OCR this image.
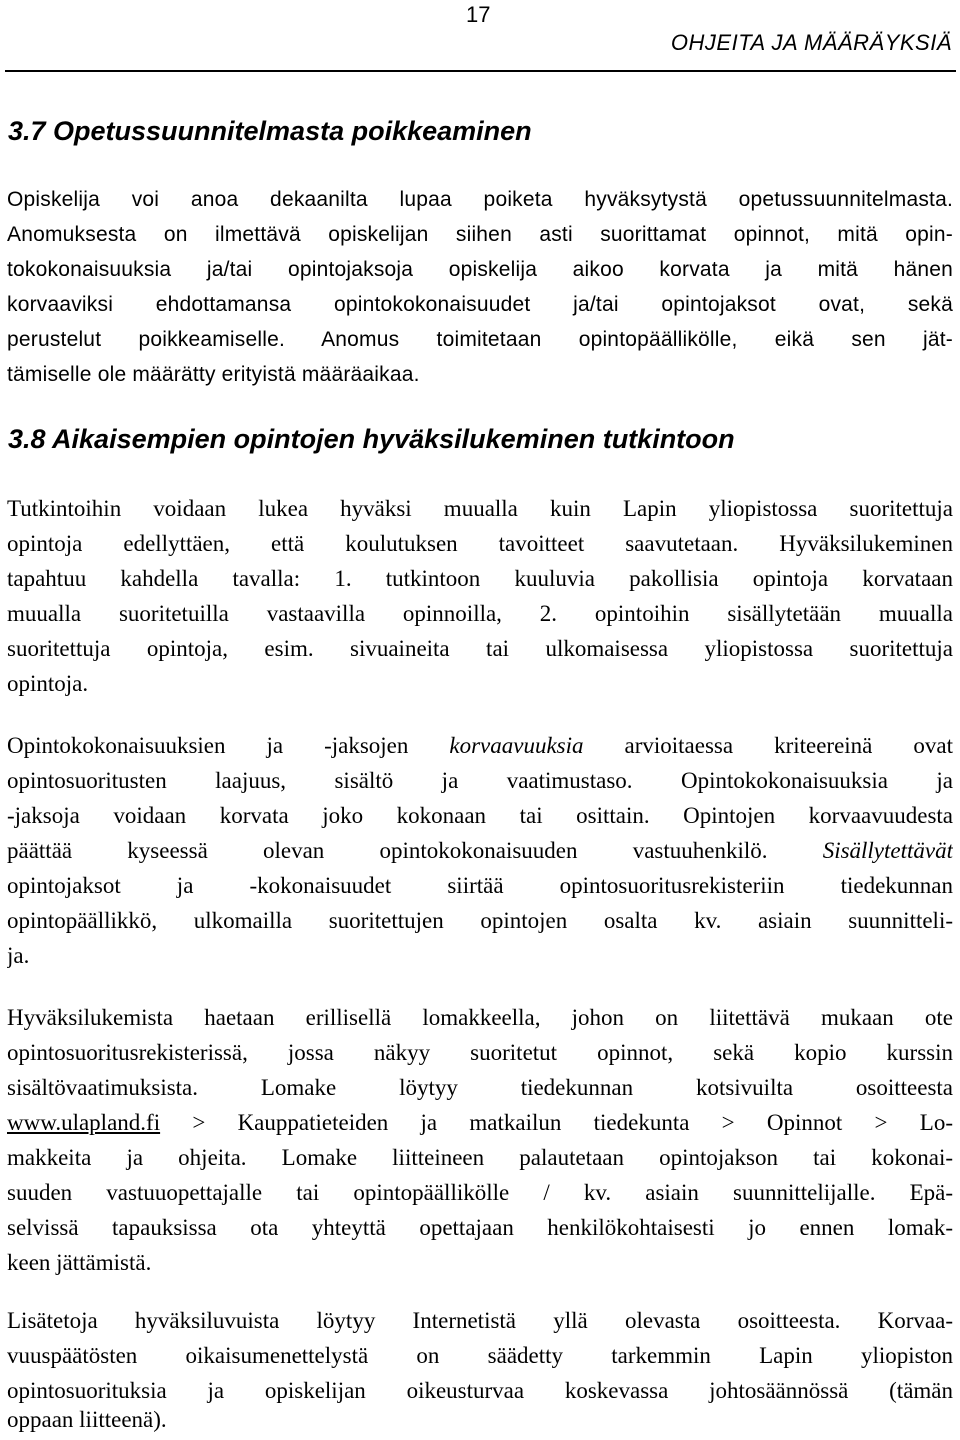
17
OHJEITA JA MÄÄRÄYKSIÄ
3.7 Opetussuunnitelmasta poikkeaminen
Opiskelija voi anoa dekaanilta lupaa poiketa hyväksytystä opetussuunnitelmasta.
Anomuksesta on ilmettävä opiskelijan siihen asti suorittamat opinnot, mitä opin-
tokokonaisuuksia ja/tai opintojaksoja opiskelija aikoo korvata ja mitä hänen
korvaaviksi ehdottamansa opintokokonaisuudet ja/tai opintojaksot ovat, sekä
perustelut poikkeamiselle. Anomus toimitetaan opintopäällikölle, eikä sen jät-
tämiselle ole määrätty erityistä määräaikaa.
3.8 Aikaisempien opintojen hyväksilukeminen tutkintoon
Tutkintoihin voidaan lukea hyväksi muualla kuin Lapin yliopistossa suoritettuja
opintoja edellyttäen, että koulutuksen tavoitteet saavutetaan. Hyväksilukeminen
tapahtuu kahdella tavalla: 1. tutkintoon kuuluvia pakollisia opintoja korvataan
muualla suoritetuilla vastaavilla opinnoilla, 2. opintoihin sisällytetään muualla
suoritettuja opintoja, esim. sivuaineita tai ulkomaisessa yliopistossa suoritettuja
opintoja.
Opintokokonaisuuksien ja -jaksojen korvaavuuksia arvioitaessa kriteereinä ovat
opintosuoritusten laajuus, sisältö ja vaatimustaso. Opintokokonaisuuksia ja
-jaksoja voidaan korvata joko kokonaan tai osittain. Opintojen korvaavuudesta
päättää kyseessä olevan opintokokonaisuuden vastuuhenkilö. Sisällytettävät
opintojaksot ja -kokonaisuudet siirtää opintosuoritusrekisteriin tiedekunnan
opintopäällikkö, ulkomailla suoritettujen opintojen osalta kv. asiain suunnitteli-
ja.
Hyväksilukemista haetaan erillisellä lomakkeella, johon on liitettävä mukaan ote
opintosuoritusrekisterissä, jossa näkyy suoritetut opinnot, sekä kopio kurssin
sisältövaatimuksista. Lomake löytyy tiedekunnan kotsivuilta osoitteesta
www.ulapland.fi > Kauppatieteiden ja matkailun tiedekunta > Opinnot > Lo-
makkeita ja ohjeita. Lomake liitteineen palautetaan opintojakson tai kokonai-
suuden vastuuopettajalle tai opintopäällikölle / kv. asiain suunnittelijalle. Epä-
selvissä tapauksissa ota yhteyttä opettajaan henkilökohtaisesti jo ennen lomak-
keen jättämistä.
Lisätetoja hyväksiluvuista löytyy Internetistä yllä olevasta osoitteesta. Korvaa-
vuuspäätösten oikaisumenettelystä on säädetty tarkemmin Lapin yliopiston
opintosuorituksia ja opiskelijan oikeusturvaa koskevassa johtosäännössä (tämän
oppaan liitteenä).
